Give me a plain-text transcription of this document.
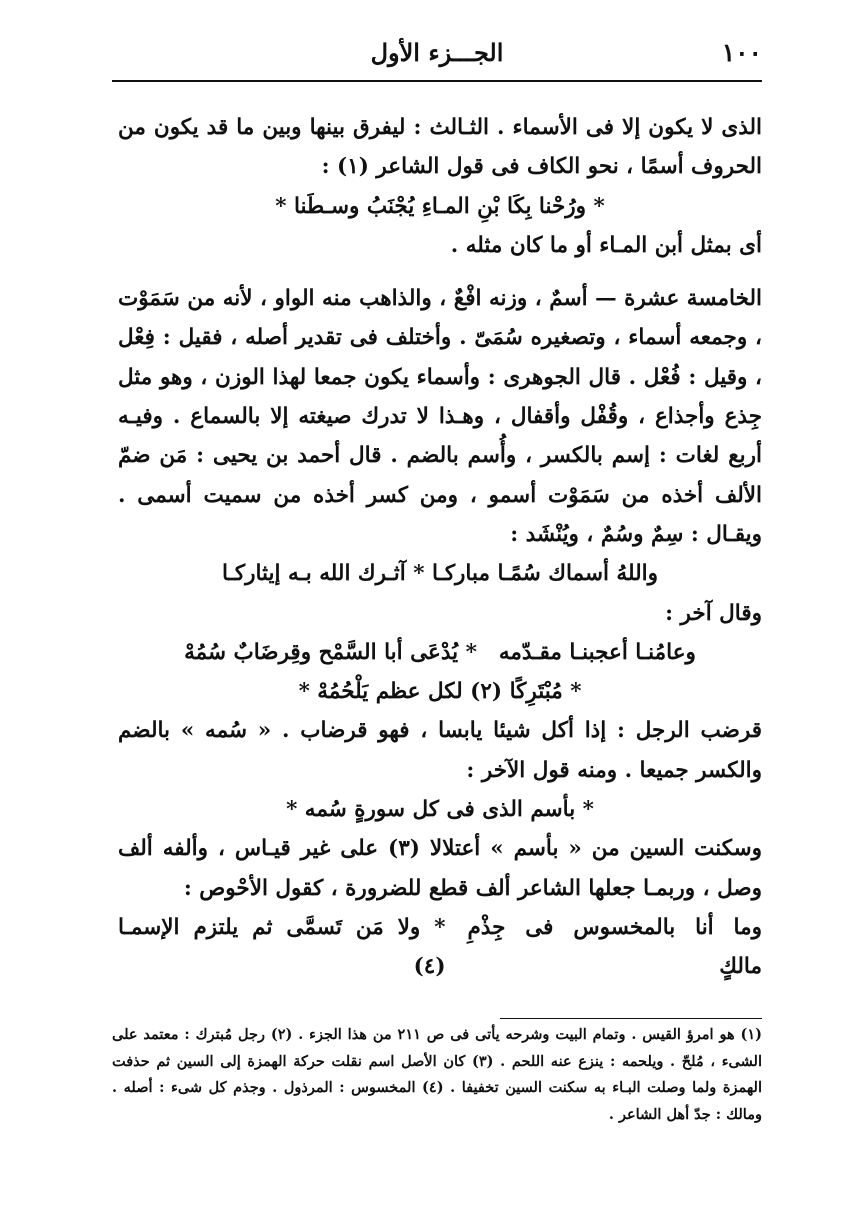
١٠٠
الجـــزء الأول

الذى لا يكون إلا فى الأسماء . الثـالث : ليفرق بينها وبين ما قد يكون من الحروف أسمًا ، نحو الكاف فى قول الشاعر (١) :

* ورُحْنا بِكَا بْنِ المـاءِ يُجْنَبُ وسـطَنا *

أى بمثل أبن المـاء أو ما كان مثله .

الخامسة عشرة — أسمٌ ، وزنه افْعٌ ، والذاهب منه الواو ، لأنه من سَمَوْت ، وجمعه أسماء ، وتصغيره سُمَىّ . وأختلف فى تقدير أصله ، فقيل : فِعْل ، وقيل : فُعْل . قال الجوهرى : وأسماء يكون جمعا لهذا الوزن ، وهو مثل جِذع وأجذاع ، وقُفْل وأقفال ، وهـذا لا تدرك صيغته إلا بالسماع . وفيـه أربع لغات : إسم بالكسر ، وأُسم بالضم . قال أحمد بن يحيى : مَن ضمّ الألف أخذه من سَمَوْت أسمو ، ومن كسر أخذه من سميت أسمى . ويقـال : سِمٌ وسُمٌ ، ويُنْشَد :

واللهُ أسماك سُمًـا مباركـا * آثـرك الله بـه إيثاركـا

وقال آخر :

وعامُنـا أعجبنـا مقـدّمه
* يُدْعَى أبا السَّمْح وقِرضَابٌ سُمُهْ

* مُبْتَرِكًا (٢) لكل عظم يَلْحُمُهْ *

قرضب الرجل : إذا أكل شيئا يابسا ، فهو قرضاب . « سُمه » بالضم والكسر جميعا . ومنه قول الآخر :

* بأسم الذى فى كل سورةٍ سُمه *

وسكنت السين من « بأسم » أعتلالا (٣) على غير قيـاس ، وألفه ألف وصل ، وربمـا جعلها الشاعر ألف قطع للضرورة ، كقول الأحْوص :

وما أنا بالمخسوس فى جِذْمِ مالكٍ
* ولا مَن تَسمَّى ثم يلتزم الإسمـا (٤)
(١) هو امرؤ القيس . وتمام البيت وشرحه يأتى فى ص ٢١١ من هذا الجزء . (٢) رجل مُبترك : معتمد على الشىء ، مُلحّ . ويلحمه : ينزع عنه اللحم . (٣) كان الأصل اسم نقلت حركة الهمزة إلى السين ثم حذفت الهمزة ولما وصلت البـاء به سكنت السين تخفيفا . (٤) المخسوس : المرذول . وجذم كل شىء : أصله . ومالك : جدّ أهل الشاعر .
